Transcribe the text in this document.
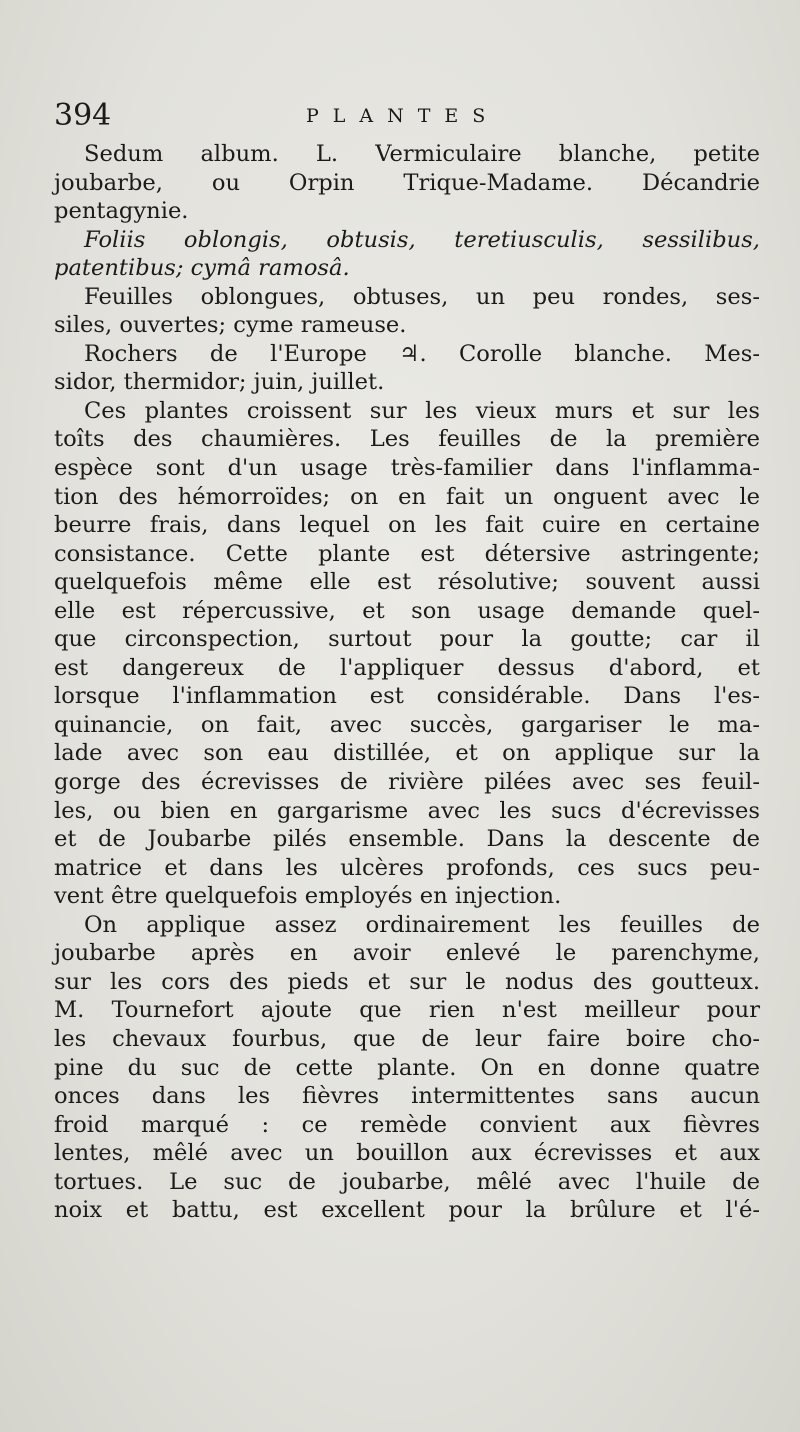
394	PLANTES
Sedum album. L. Vermiculaire blanche, petite
joubarbe, ou Orpin Trique-Madame. Décandrie
pentagynie.
Foliis oblongis, obtusis, teretiusculis, sessilibus,
patentibus; cymâ ramosâ.
Feuilles oblongues, obtuses, un peu rondes, ses-
siles, ouvertes; cyme rameuse.
Rochers de l'Europe ♃. Corolle blanche. Mes-
sidor, thermidor; juin, juillet.
Ces plantes croissent sur les vieux murs et sur les
toîts des chaumières. Les feuilles de la première
espèce sont d'un usage très-familier dans l'inflamma-
tion des hémorroïdes; on en fait un onguent avec le
beurre frais, dans lequel on les fait cuire en certaine
consistance. Cette plante est détersive astringente;
quelquefois même elle est résolutive; souvent aussi
elle est répercussive, et son usage demande quel-
que circonspection, surtout pour la goutte; car il
est dangereux de l'appliquer dessus d'abord, et
lorsque l'inflammation est considérable. Dans l'es-
quinancie, on fait, avec succès, gargariser le ma-
lade avec son eau distillée, et on applique sur la
gorge des écrevisses de rivière pilées avec ses feuil-
les, ou bien en gargarisme avec les sucs d'écrevisses
et de Joubarbe pilés ensemble. Dans la descente de
matrice et dans les ulcères profonds, ces sucs peu-
vent être quelquefois employés en injection.
On applique assez ordinairement les feuilles de
joubarbe après en avoir enlevé le parenchyme,
sur les cors des pieds et sur le nodus des goutteux.
M. Tournefort ajoute que rien n'est meilleur pour
les chevaux fourbus, que de leur faire boire cho-
pine du suc de cette plante. On en donne quatre
onces dans les fièvres intermittentes sans aucun
froid marqué : ce remède convient aux fièvres
lentes, mêlé avec un bouillon aux écrevisses et aux
tortues. Le suc de joubarbe, mêlé avec l'huile de
noix et battu, est excellent pour la brûlure et l'é-
